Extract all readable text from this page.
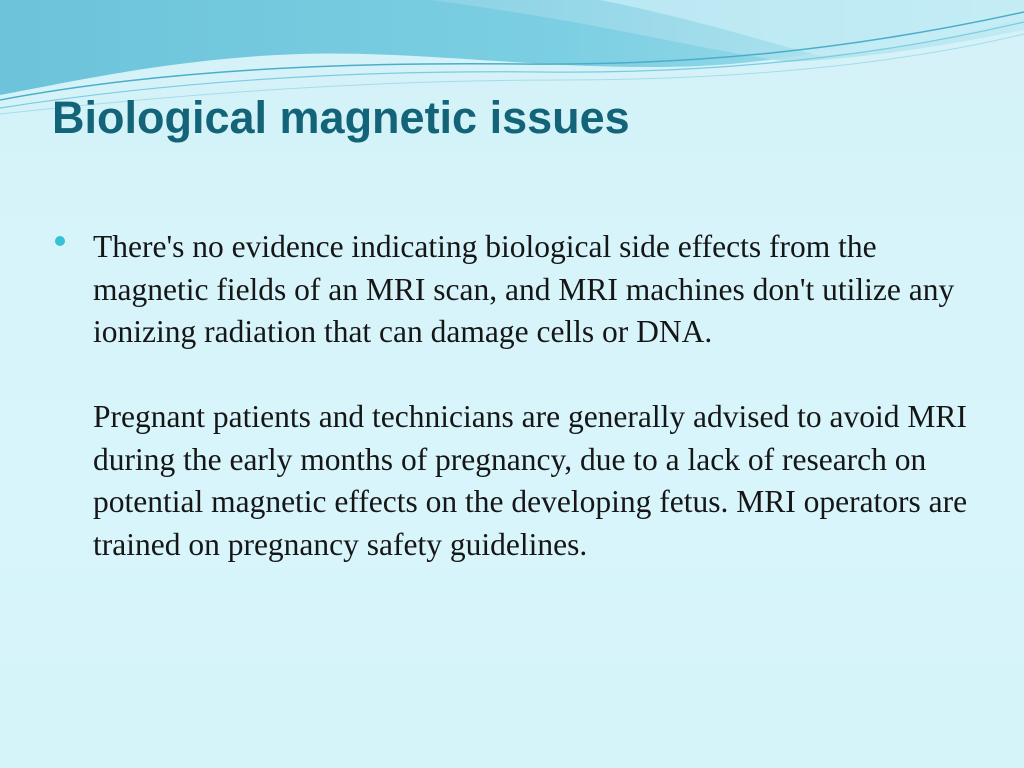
Biological magnetic issues

There's no evidence indicating biological side effects from the magnetic fields of an MRI scan, and MRI machines don't utilize any ionizing radiation that can damage cells or DNA.

Pregnant patients and technicians are generally advised to avoid MRI during the early months of pregnancy, due to a lack of research on potential magnetic effects on the developing fetus. MRI operators are trained on pregnancy safety guidelines.
